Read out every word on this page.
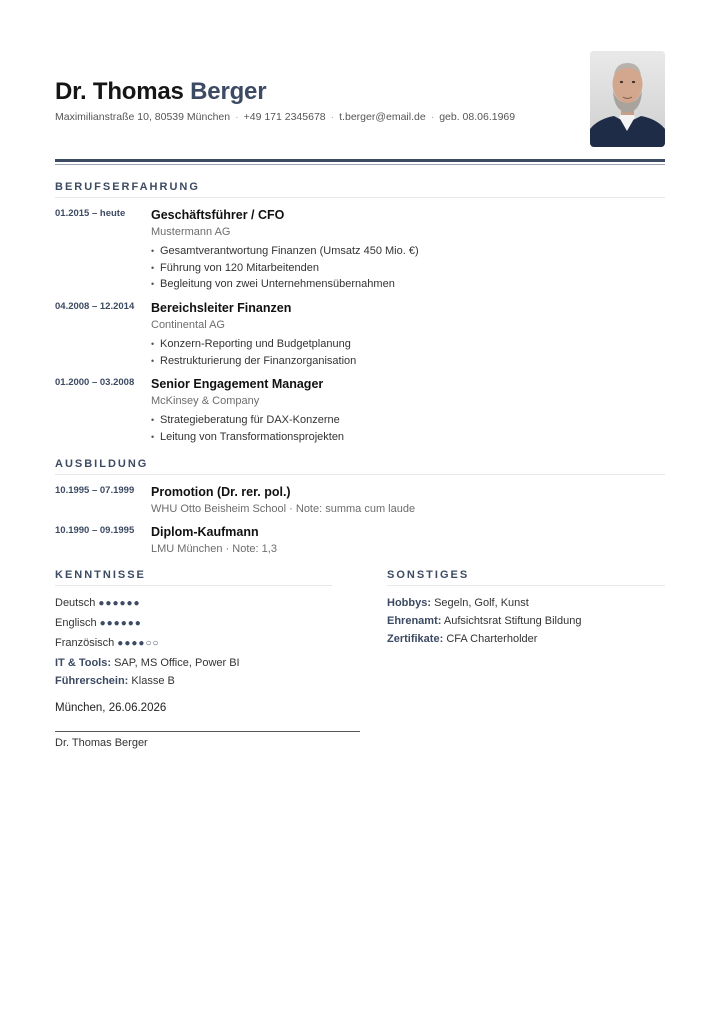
Dr. Thomas Berger
Maximilianstraße 10, 80539 München · +49 171 2345678 · t.berger@email.de · geb. 08.06.1969
BERUFSERFAHRUNG
01.2015 – heute	Geschäftsführer / CFO
Mustermann AG
• Gesamtverantwortung Finanzen (Umsatz 450 Mio. €)
• Führung von 120 Mitarbeitenden
• Begleitung von zwei Unternehmensübernahmen
04.2008 – 12.2014	Bereichsleiter Finanzen
Continental AG
• Konzern-Reporting und Budgetplanung
• Restrukturierung der Finanzorganisation
01.2000 – 03.2008	Senior Engagement Manager
McKinsey & Company
• Strategieberatung für DAX-Konzerne
• Leitung von Transformationsprojekten
AUSBILDUNG
10.1995 – 07.1999	Promotion (Dr. rer. pol.)
WHU Otto Beisheim School · Note: summa cum laude
10.1990 – 09.1995	Diplom-Kaufmann
LMU München · Note: 1,3
KENNTNISSE
Deutsch ●●●●●●
Englisch ●●●●●●
Französisch ●●●●○○
IT & Tools: SAP, MS Office, Power BI
Führerschein: Klasse B
SONSTIGES
Hobbys: Segeln, Golf, Kunst
Ehrenamt: Aufsichtsrat Stiftung Bildung
Zertifikate: CFA Charterholder
München, 26.06.2026
Dr. Thomas Berger
